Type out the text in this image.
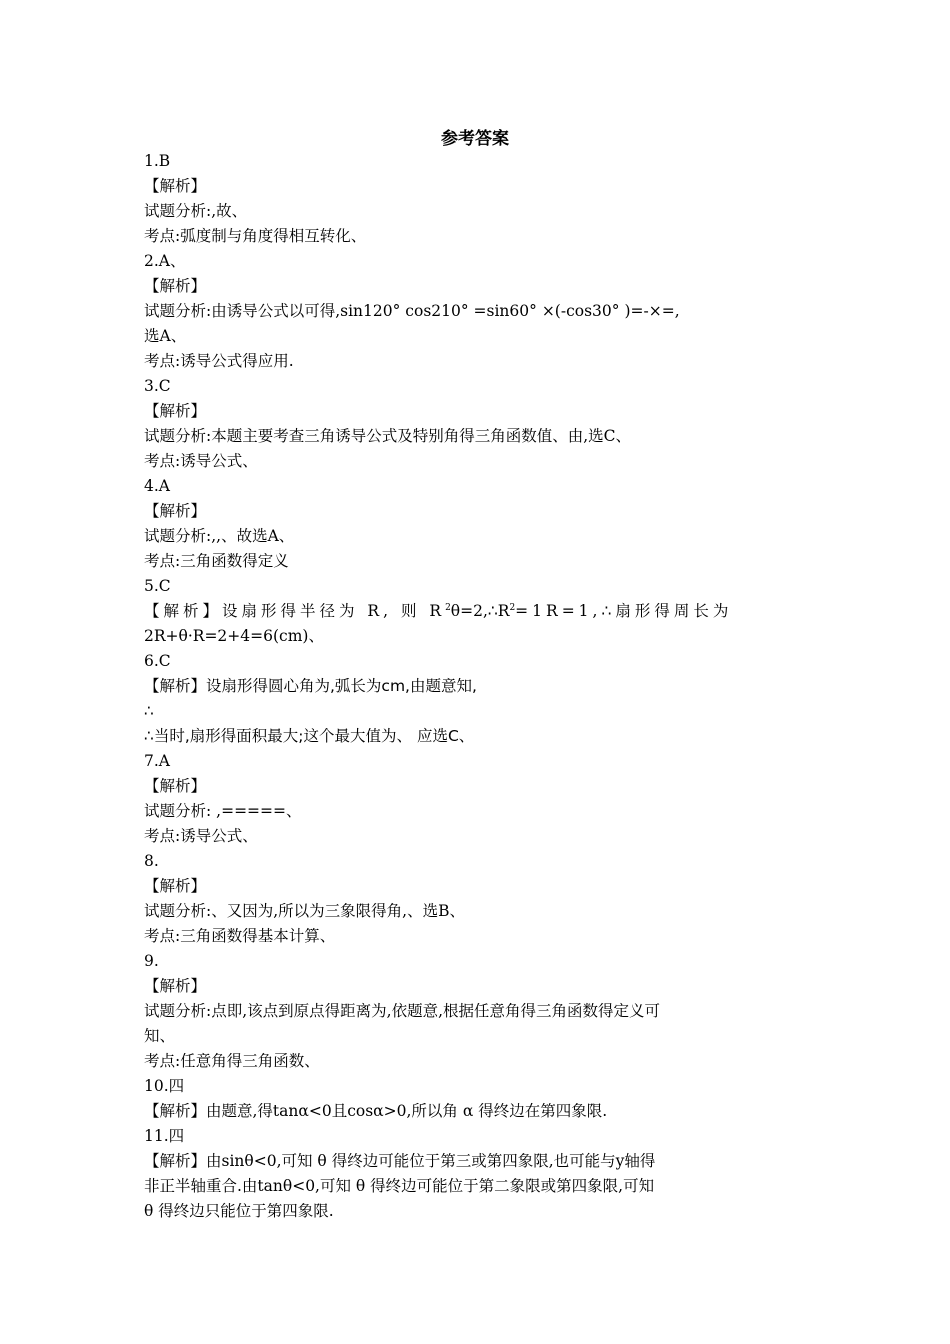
参考答案
1.B
【解析】
试题分析:,故、
考点:弧度制与角度得相互转化、
2.A、
【解析】
试题分析:由诱导公式以可得,sin120° cos210° =sin60° ×(-cos30° )=-×=,
选A、
考点:诱导公式得应用.
3.C
【解析】
试题分析:本题主要考查三角诱导公式及特别角得三角函数值、由,选C、
考点:诱导公式、
4.A
【解析】
试题分析:,,、故选A、
考点:三角函数得定义
5.C
【解析】设扇形得半径为 R, 则 $R^2\theta=2,\therefore R^2=1R=1,\therefore$扇形得周长为
2R+θ·R=2+4=6(cm)、
6.C
【解析】设扇形得圆心角为,弧长为cm,由题意知,
∴
∴当时,扇形得面积最大;这个最大值为、 应选C、
7.A
【解析】
试题分析: ,=====、
考点:诱导公式、
8.
【解析】
试题分析:、又因为,所以为三象限得角,、选B、
考点:三角函数得基本计算、
9.
【解析】
试题分析:点即,该点到原点得距离为,依题意,根据任意角得三角函数得定义可
知、
考点:任意角得三角函数、
10.四
【解析】由题意,得tanα<0且cosα>0,所以角 α 得终边在第四象限.
11.四
【解析】由sinθ<0,可知 θ 得终边可能位于第三或第四象限,也可能与y轴得
非正半轴重合.由tanθ<0,可知 θ 得终边可能位于第二象限或第四象限,可知
θ 得终边只能位于第四象限.
